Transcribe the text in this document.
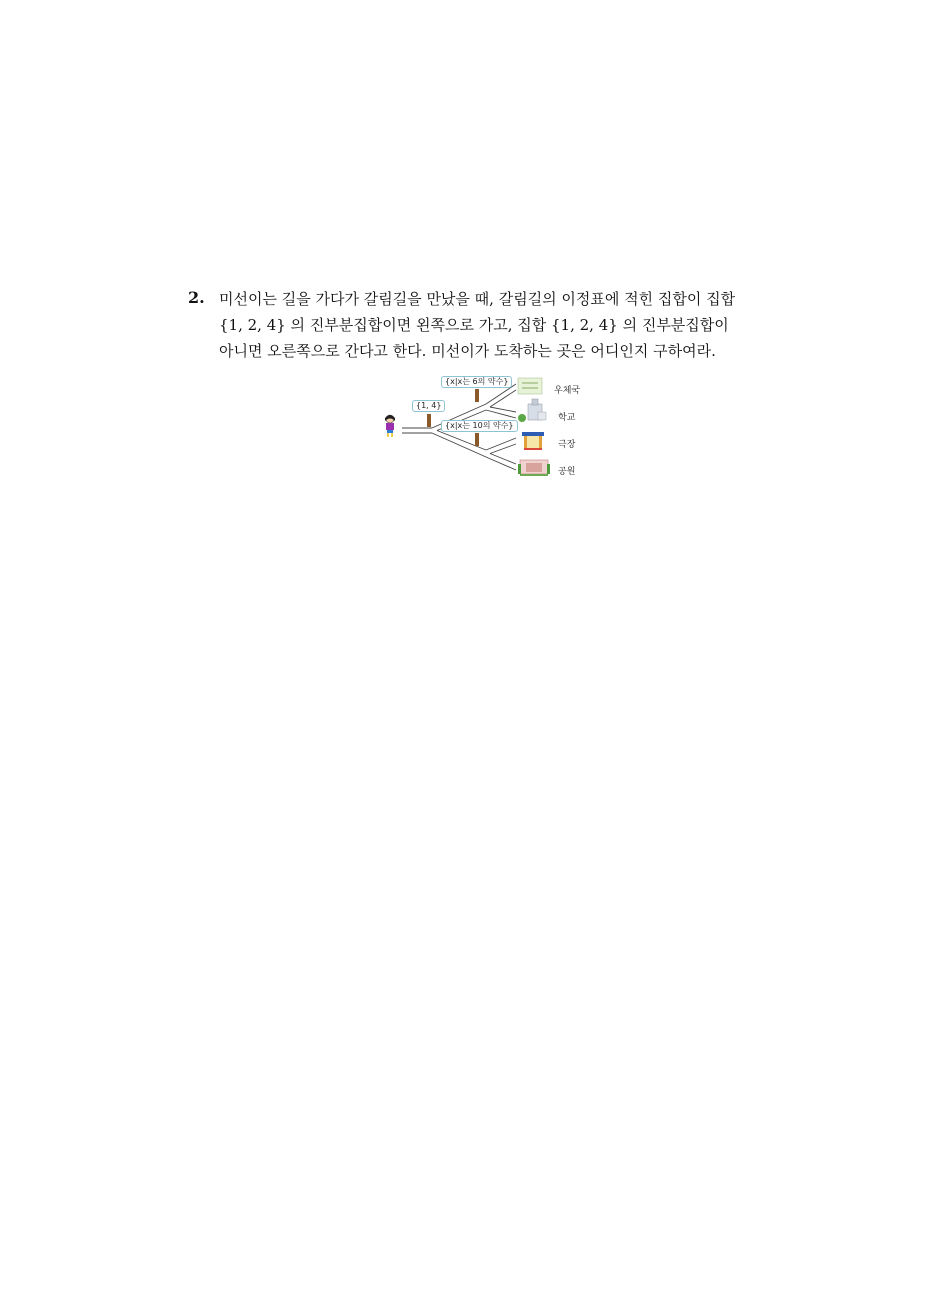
2. 미선이는 길을 가다가 갈림길을 만났을 때, 갈림길의 이정표에 적힌 집합이 집합
{1, 2, 4} 의 진부분집합이면 왼쪽으로 가고, 집합 {1, 2, 4} 의 진부분집합이
아니면 오른쪽으로 간다고 한다. 미선이가 도착하는 곳은 어디인지 구하여라.
{1, 4}
{x|x는 6의 약수}
{x|x는 10의 약수}
우체국
학교
극장
공원
